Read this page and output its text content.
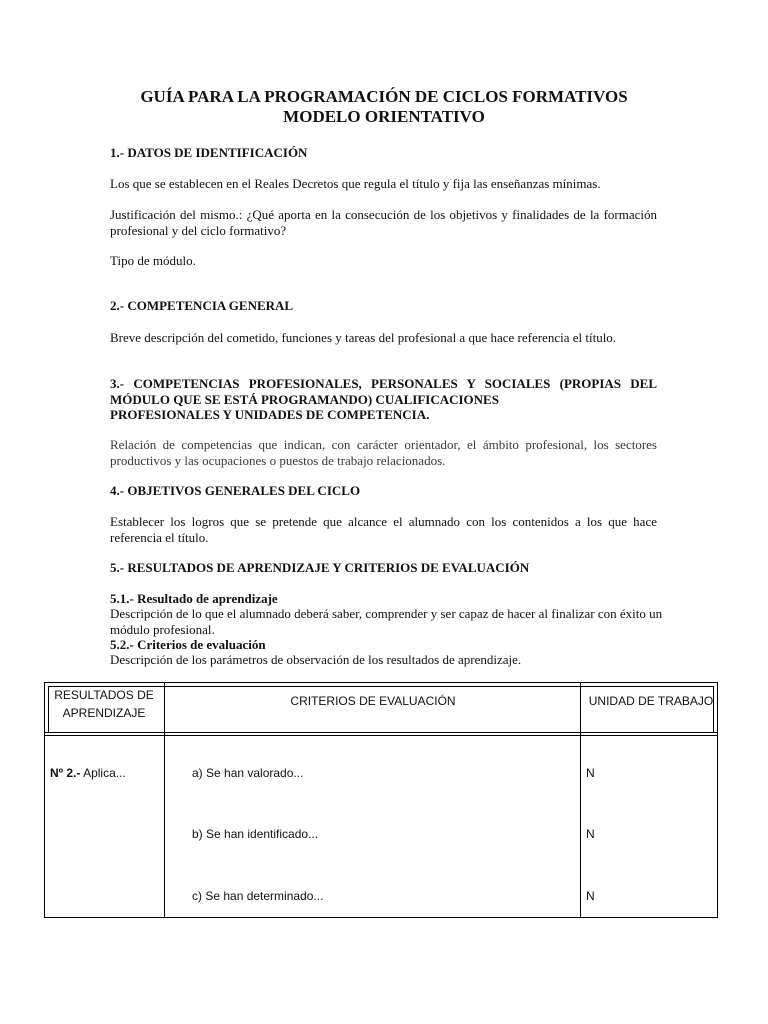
GUÍA PARA LA PROGRAMACIÓN DE CICLOS FORMATIVOS
MODELO ORIENTATIVO
1.- DATOS DE IDENTIFICACIÓN
Los que se establecen en el Reales Decretos que regula el título y fija las enseñanzas mínimas.
Justificación del mismo.: ¿Qué aporta en la consecución de los objetivos y finalidades de la formación profesional y del ciclo formativo?
Tipo de módulo.
2.- COMPETENCIA GENERAL
Breve descripción del cometido, funciones y tareas del profesional a que hace referencia el título.
3.- COMPETENCIAS PROFESIONALES, PERSONALES Y SOCIALES (PROPIAS DEL MÓDULO QUE SE ESTÁ PROGRAMANDO) CUALIFICACIONES
PROFESIONALES Y UNIDADES DE COMPETENCIA.
Relación de competencias que indican, con carácter orientador, el ámbito profesional, los sectores productivos y las ocupaciones o puestos de trabajo relacionados.
4.- OBJETIVOS GENERALES DEL CICLO
Establecer los logros que se pretende que alcance el alumnado con los contenidos a los que hace referencia el título.
5.- RESULTADOS DE APRENDIZAJE Y CRITERIOS DE EVALUACIÓN
5.1.- Resultado de aprendizaje
Descripción de lo que el alumnado deberá saber, comprender y ser capaz de hacer al finalizar con éxito un módulo profesional.
5.2.- Criterios de evaluación
Descripción de los parámetros de observación de los resultados de aprendizaje.
RESULTADOS DE APRENDIZAJE
CRITERIOS DE EVALUACIÓN	UNIDAD DE TRABAJO
Nº 2.- Aplica...	a) Se han valorado...
b) Se han identificado...
c) Se han determinado...
N
N
N
